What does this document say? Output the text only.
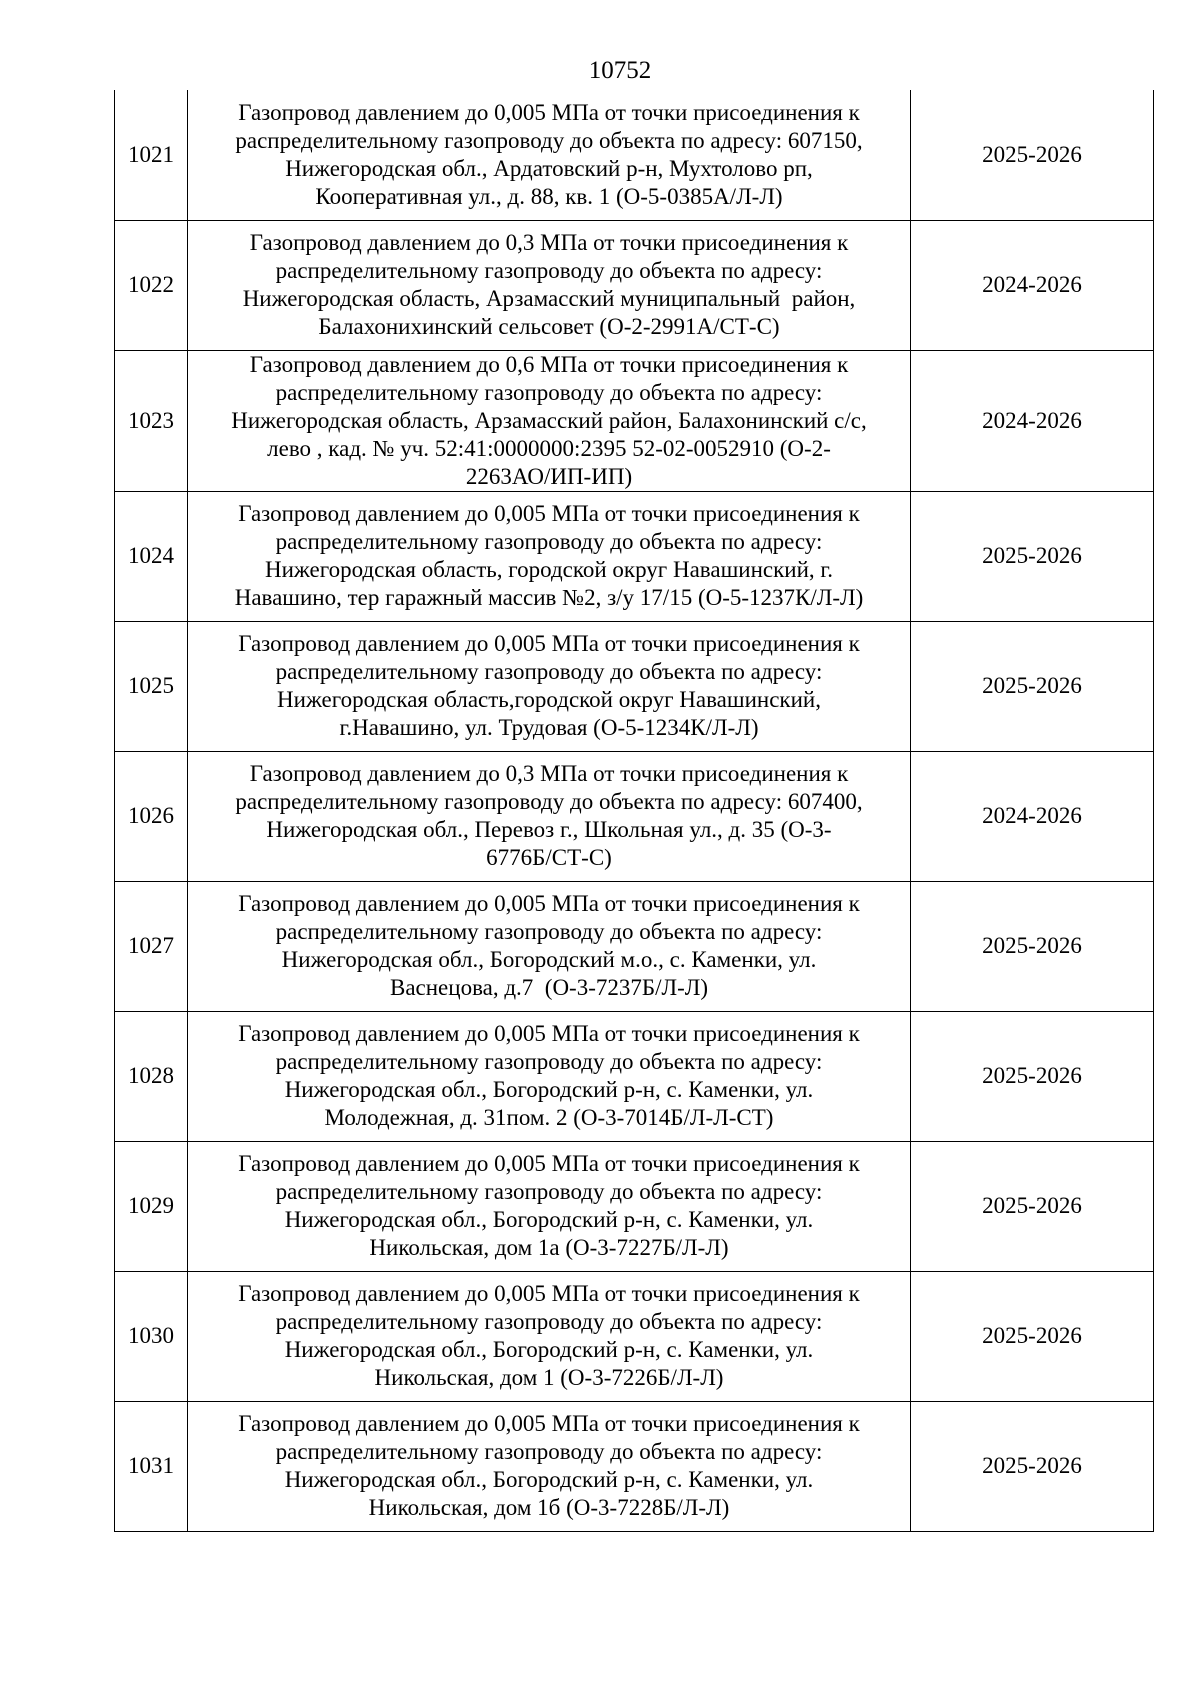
10752
1021	Газопровод давлением до 0,005 МПа от точки присоединения к
распределительному газопроводу до объекта по адресу: 607150,
Нижегородская обл., Ардатовский р-н, Мухтолово рп,
Кооперативная ул., д. 88, кв. 1 (О-5-0385А/Л-Л)	2025-2026
1022	Газопровод давлением до 0,3 МПа от точки присоединения к
распределительному газопроводу до объекта по адресу:
Нижегородская область, Арзамасский муниципальный  район,
Балахонихинский сельсовет (О-2-2991А/СТ-С)	2024-2026
1023	Газопровод давлением до 0,6 МПа от точки присоединения к
распределительному газопроводу до объекта по адресу:
Нижегородская область, Арзамасский район, Балахонинский с/с,
лево , кад. № уч. 52:41:0000000:2395 52-02-0052910 (О-2-
2263АО/ИП-ИП)	2024-2026
1024	Газопровод давлением до 0,005 МПа от точки присоединения к
распределительному газопроводу до объекта по адресу:
Нижегородская область, городской округ Навашинский, г.
Навашино, тер гаражный массив №2, з/у 17/15 (О-5-1237К/Л-Л)	2025-2026
1025	Газопровод давлением до 0,005 МПа от точки присоединения к
распределительному газопроводу до объекта по адресу:
Нижегородская область,городской округ Навашинский,
г.Навашино, ул. Трудовая (О-5-1234К/Л-Л)	2025-2026
1026	Газопровод давлением до 0,3 МПа от точки присоединения к
распределительному газопроводу до объекта по адресу: 607400,
Нижегородская обл., Перевоз г., Школьная ул., д. 35 (О-3-
6776Б/СТ-С)	2024-2026
1027	Газопровод давлением до 0,005 МПа от точки присоединения к
распределительному газопроводу до объекта по адресу:
Нижегородская обл., Богородский м.о., с. Каменки, ул.
Васнецова, д.7  (О-3-7237Б/Л-Л)	2025-2026
1028	Газопровод давлением до 0,005 МПа от точки присоединения к
распределительному газопроводу до объекта по адресу:
Нижегородская обл., Богородский р-н, с. Каменки, ул.
Молодежная, д. 31пом. 2 (О-3-7014Б/Л-Л-СТ)	2025-2026
1029	Газопровод давлением до 0,005 МПа от точки присоединения к
распределительному газопроводу до объекта по адресу:
Нижегородская обл., Богородский р-н, с. Каменки, ул.
Никольская, дом 1а (О-3-7227Б/Л-Л)	2025-2026
1030	Газопровод давлением до 0,005 МПа от точки присоединения к
распределительному газопроводу до объекта по адресу:
Нижегородская обл., Богородский р-н, с. Каменки, ул.
Никольская, дом 1 (О-3-7226Б/Л-Л)	2025-2026
1031	Газопровод давлением до 0,005 МПа от точки присоединения к
распределительному газопроводу до объекта по адресу:
Нижегородская обл., Богородский р-н, с. Каменки, ул.
Никольская, дом 1б (О-3-7228Б/Л-Л)	2025-2026
